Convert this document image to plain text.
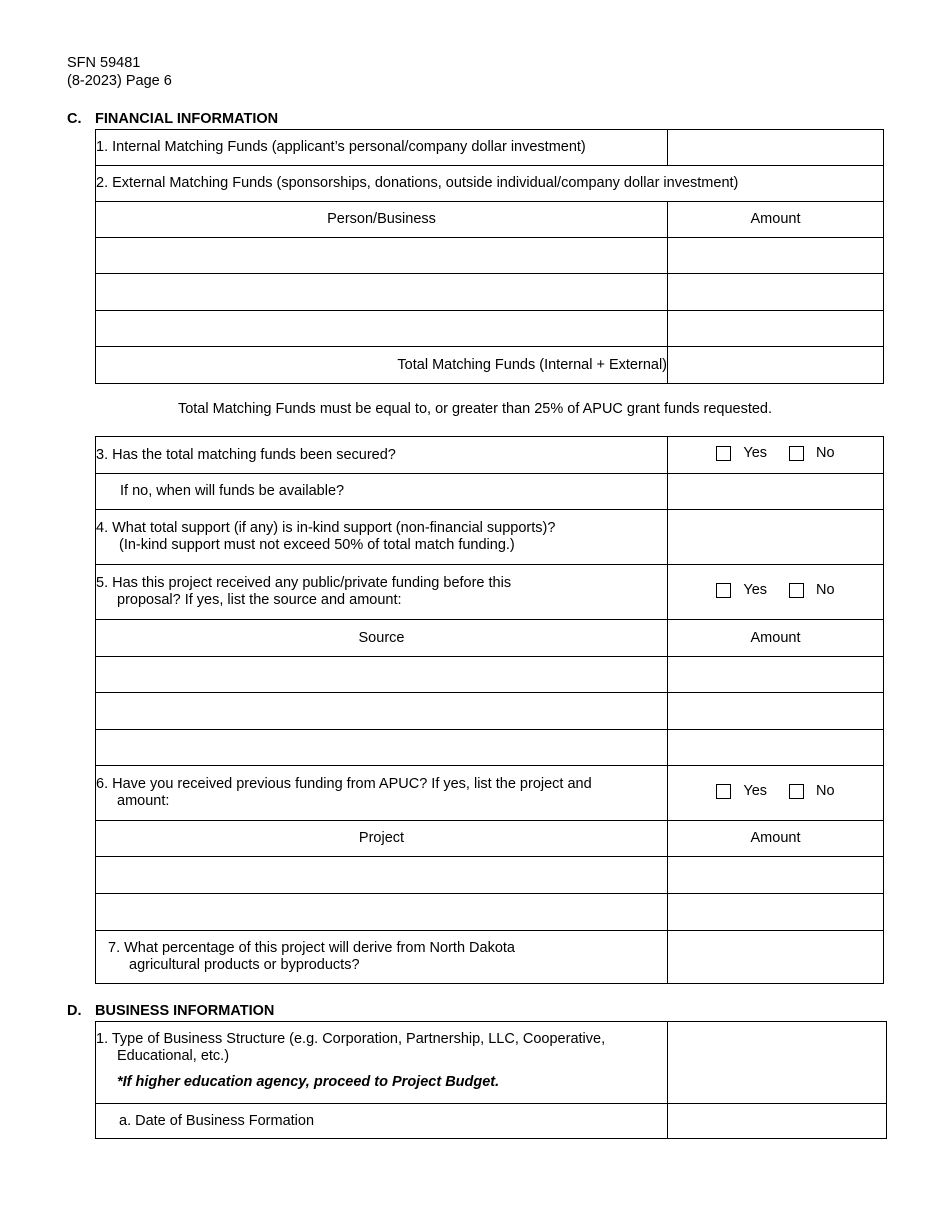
SFN 59481
(8-2023) Page 6
C. FINANCIAL INFORMATION
1. Internal Matching Funds (applicant’s personal/company dollar investment)	
2. External Matching Funds (sponsorships, donations, outside individual/company dollar investment)	
Person/Business	Amount

Total Matching Funds (Internal + External)	
Total Matching Funds must be equal to, or greater than 25% of APUC grant funds requested.
3. Has the total matching funds been secured?	Yes No

If no, when will funds be available?	

4. What total support (if any) is in-kind support (non-financial supports)?
(In-kind support must not exceed 50% of total match funding.)	

5. Has this project received any public/private funding before this
proposal? If yes, list the source and amount:	Yes No

Source	Amount

6. Have you received previous funding from APUC? If yes, list the project and
amount:	Yes No

Project	Amount

7. What percentage of this project will derive from North Dakota
agricultural products or byproducts?	

D. BUSINESS INFORMATION
1. Type of Business Structure (e.g. Corporation, Partnership, LLC, Cooperative,
Educational, etc.)
*If higher education agency, proceed to Project Budget.	

a. Date of Business Formation	
